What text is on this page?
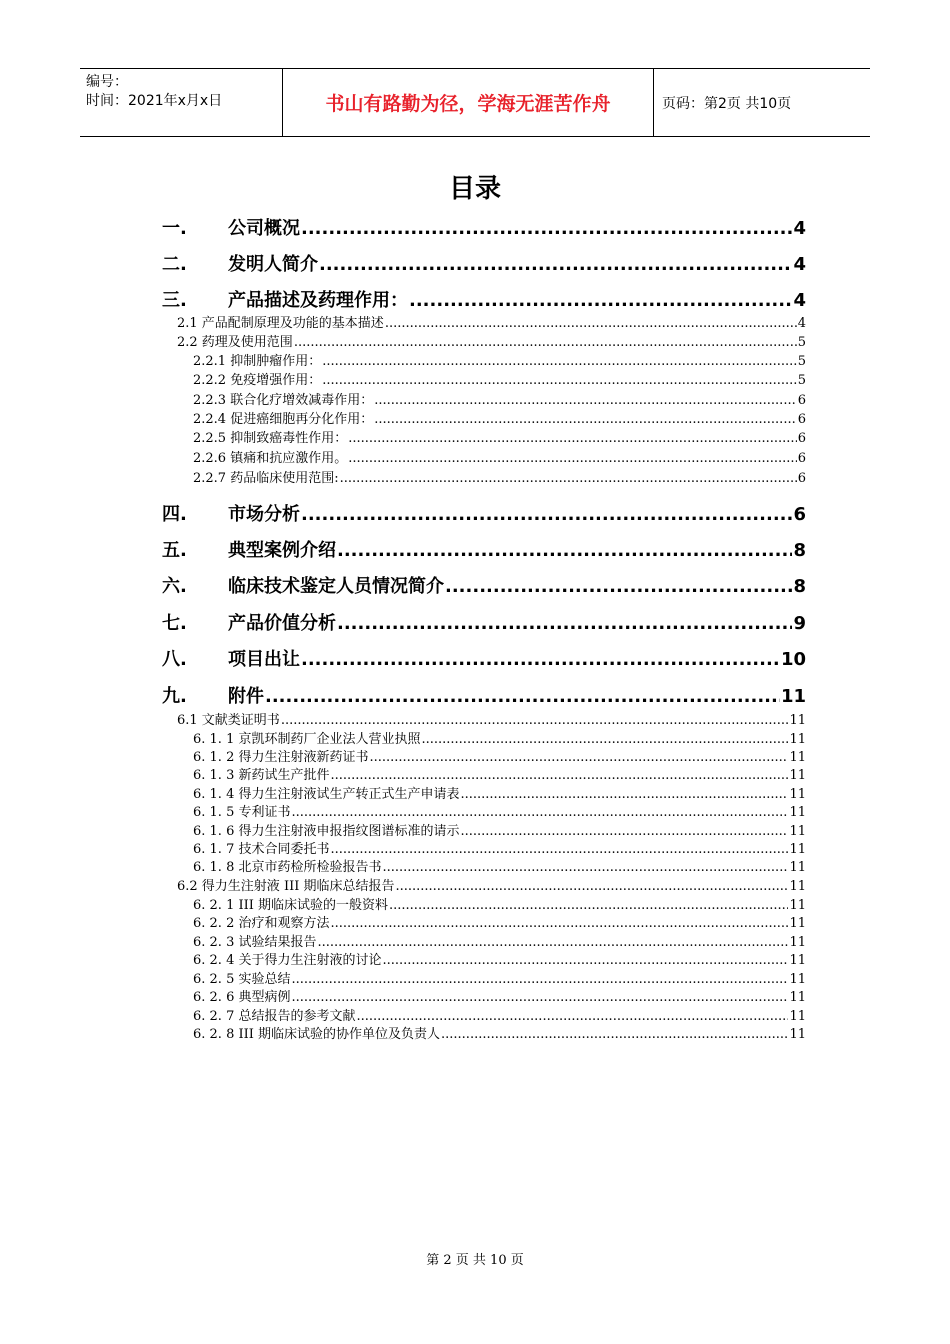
编号：
时间：2021年x月x日	书山有路勤为径，学海无涯苦作舟	页码：第2页 共10页
目录
一.	公司概况 .....	4
二.	发明人简介 .....	4
三.	产品描述及药理作用： .....	4
2.1 产品配制原理及功能的基本描述 .....	4
2.2 药理及使用范围 .....	5
2.2.1 抑制肿瘤作用： .....	5
2.2.2 免疫增强作用： .....	5
2.2.3 联合化疗增效减毒作用： .....	6
2.2.4 促进癌细胞再分化作用： .....	6
2.2.5 抑制致癌毒性作用： .....	6
2.2.6 镇痛和抗应激作用。 .....	6
2.2.7 药品临床使用范围: .....	6
四.	市场分析 .....	6
五.	典型案例介绍 .....	8
六.	临床技术鉴定人员情况简介 .....	8
七.	产品价值分析 .....	9
八.	项目出让 .....	10
九.	附件 .....	11
6.1 文献类证明书 .....	11
6. 1. 1 京凯环制药厂企业法人营业执照 .....	11
6. 1. 2 得力生注射液新药证书 .....	11
6. 1. 3 新药试生产批件 .....	11
6. 1. 4 得力生注射液试生产转正式生产申请表 .....	11
6. 1. 5 专利证书 .....	11
6. 1. 6 得力生注射液申报指纹图谱标准的请示 .....	11
6. 1. 7 技术合同委托书 .....	11
6. 1. 8 北京市药检所检验报告书 .....	11
6.2 得力生注射液 III 期临床总结报告 .....	11
6. 2. 1 III 期临床试验的一般资料 .....	11
6. 2. 2 治疗和观察方法 .....	11
6. 2. 3 试验结果报告 .....	11
6. 2. 4 关于得力生注射液的讨论 .....	11
6. 2. 5 实验总结 .....	11
6. 2. 6 典型病例 .....	11
6. 2. 7 总结报告的参考文献 .....	11
6. 2. 8 III 期临床试验的协作单位及负责人 .....	11
第 2 页 共 10 页
